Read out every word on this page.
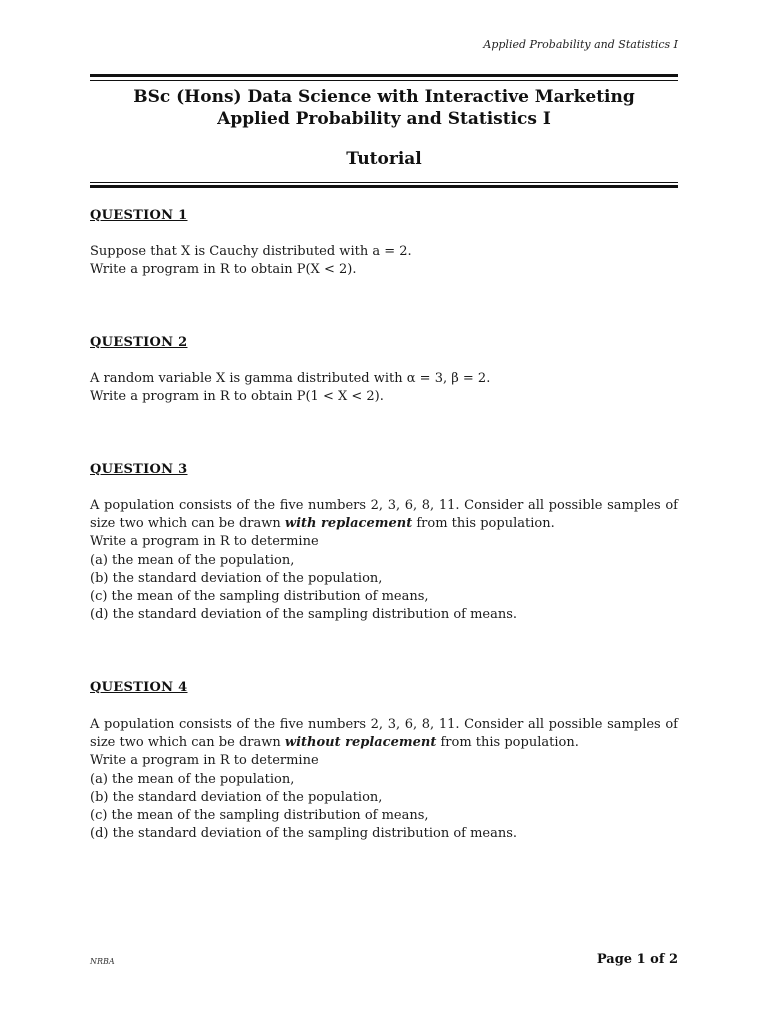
Applied Probability and Statistics I
BSc (Hons) Data Science with Interactive Marketing
Applied Probability and Statistics I
Tutorial
QUESTION 1

Suppose that X is Cauchy distributed with a = 2.

Write a program in R to obtain P(X < 2).

QUESTION 2

A random variable X is gamma distributed with α = 3, β = 2.

Write a program in R to obtain P(1 < X < 2).

QUESTION 3

A population consists of the five numbers 2, 3, 6, 8, 11. Consider all possible samples of size two which can be drawn with replacement from this population.

Write a program in R to determine

(a) the mean of the population,

(b) the standard deviation of the population,

(c) the mean of the sampling distribution of means,

(d) the standard deviation of the sampling distribution of means.

QUESTION 4

A population consists of the five numbers 2, 3, 6, 8, 11. Consider all possible samples of size two which can be drawn without replacement from this population.

Write a program in R to determine

(a) the mean of the population,

(b) the standard deviation of the population,

(c) the mean of the sampling distribution of means,

(d) the standard deviation of the sampling distribution of means.

NRBA	Page 1 of 2
